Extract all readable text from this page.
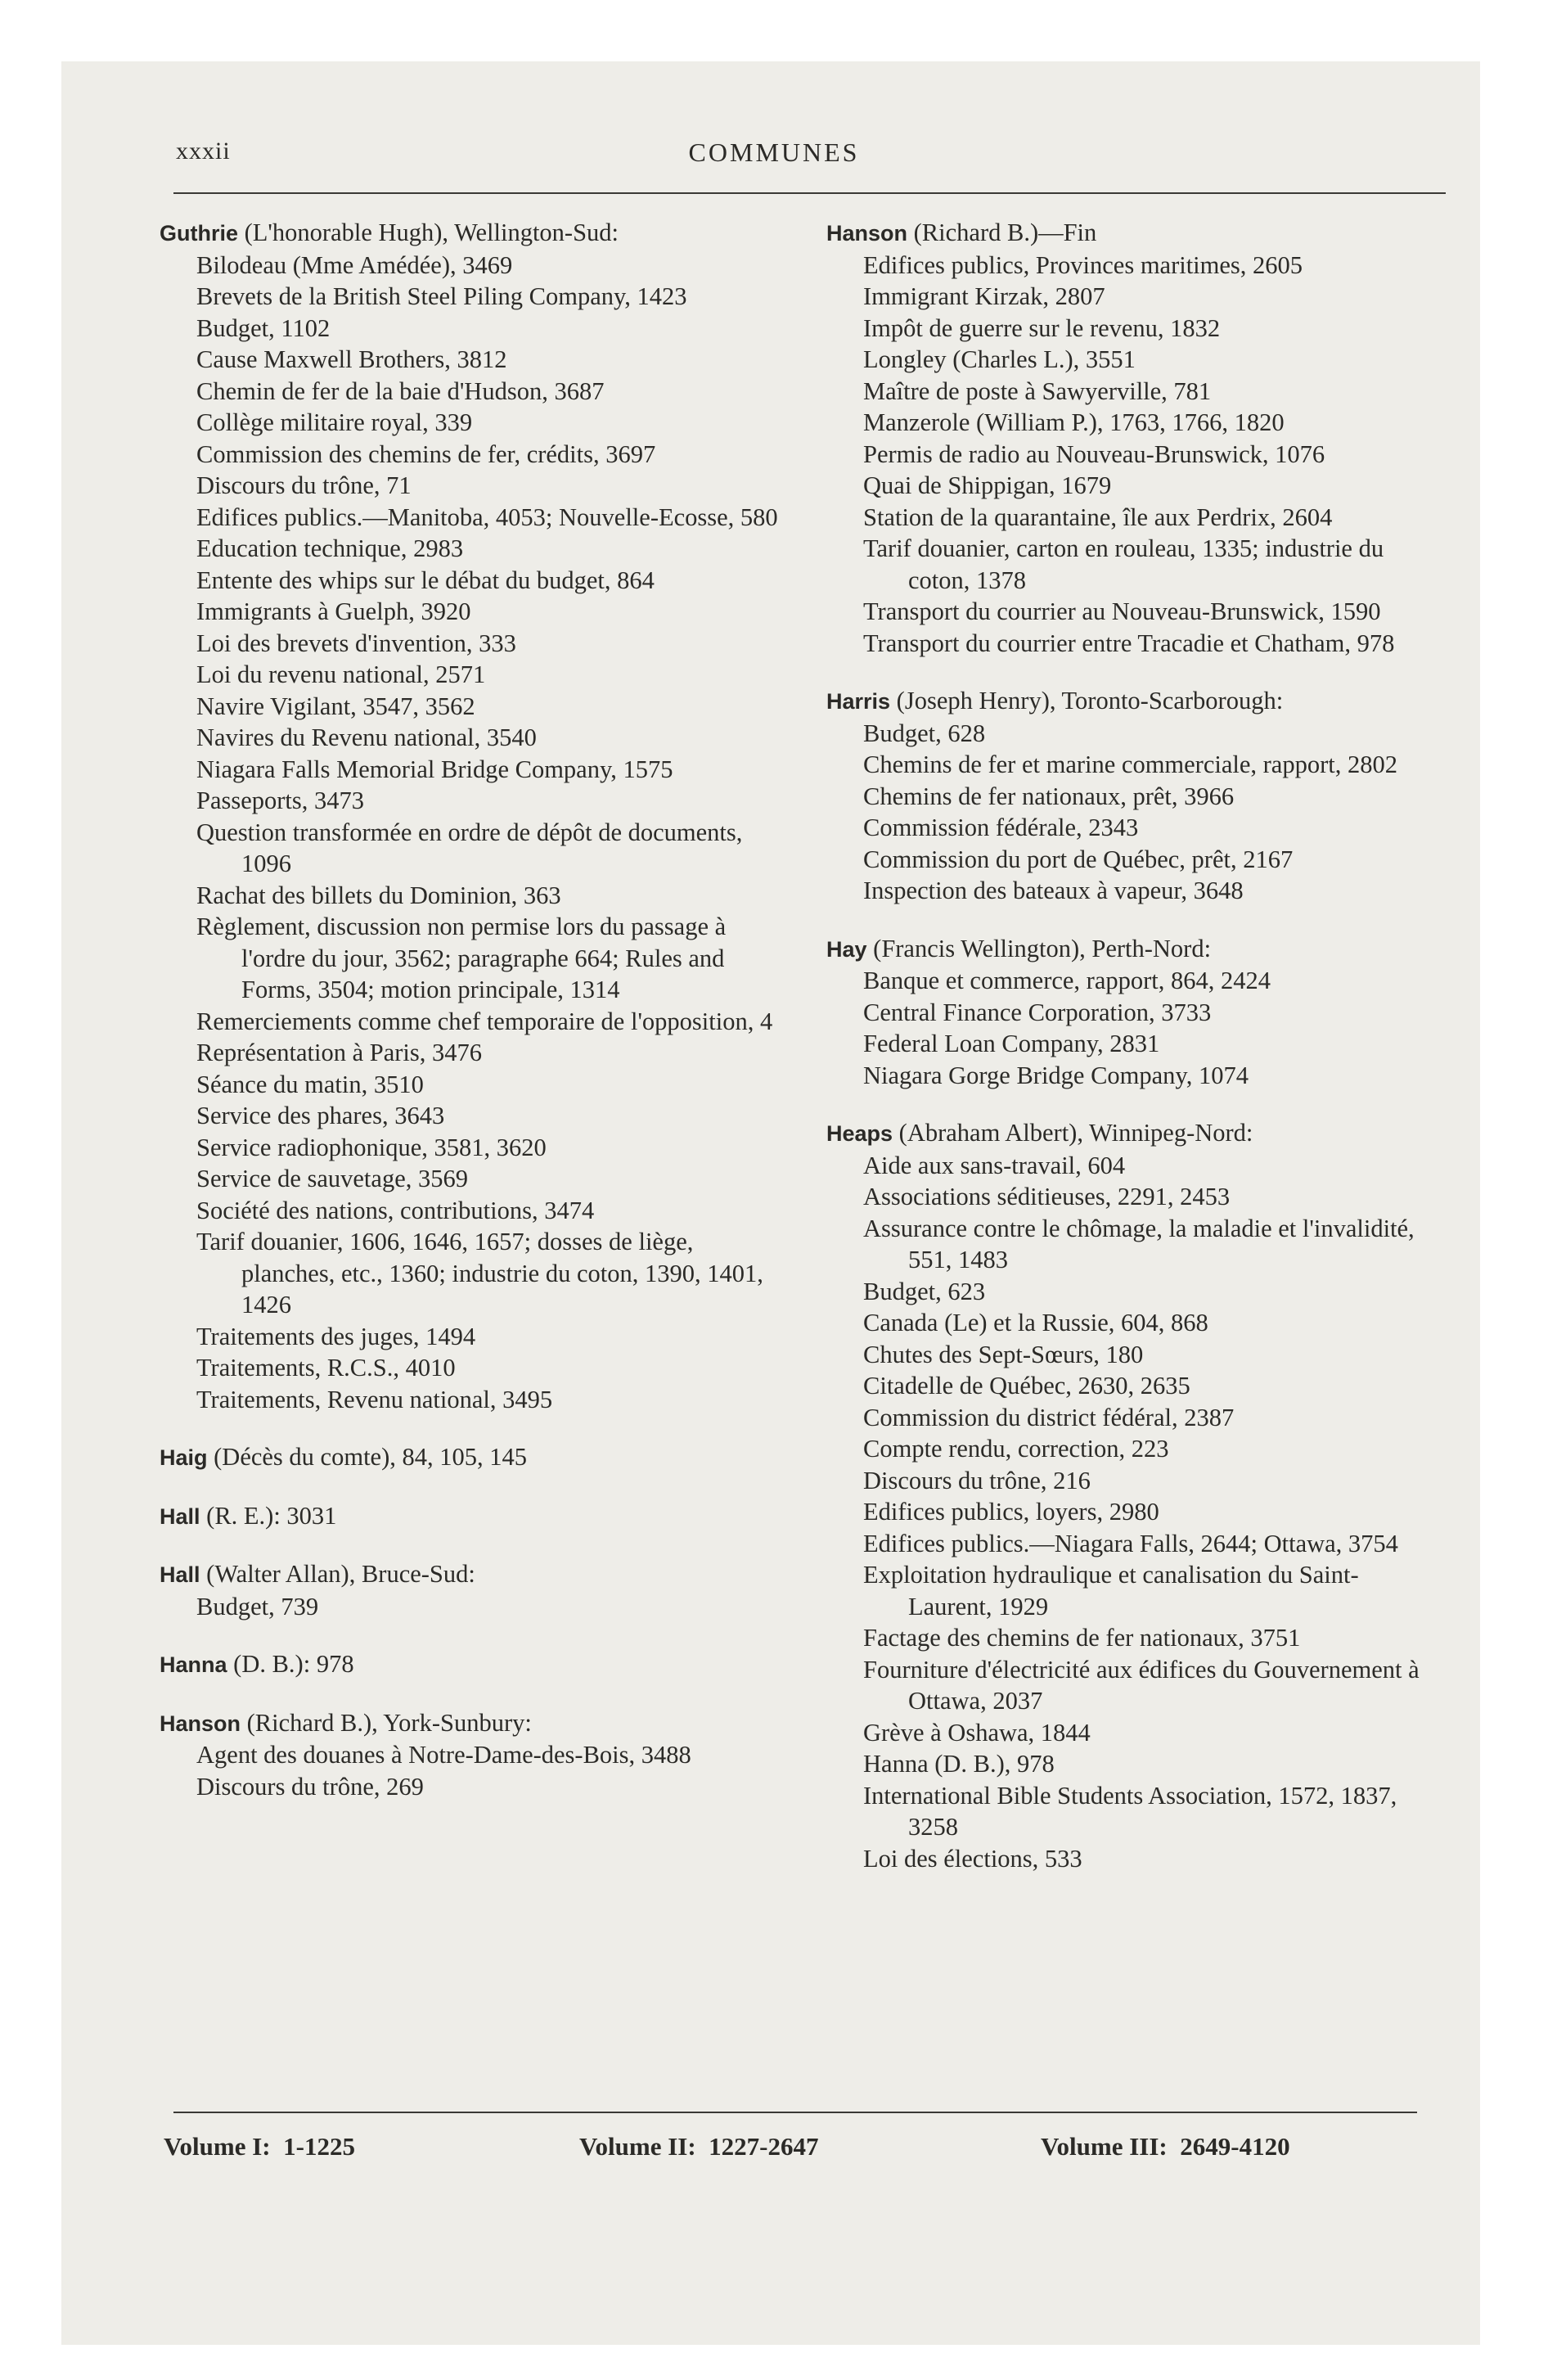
xxxii	COMMUNES
Guthrie (L'honorable Hugh), Wellington-Sud:
Bilodeau (Mme Amédée), 3469
Brevets de la British Steel Piling Company, 1423
Budget, 1102
Cause Maxwell Brothers, 3812
Chemin de fer de la baie d'Hudson, 3687
Collège militaire royal, 339
Commission des chemins de fer, crédits, 3697
Discours du trône, 71
Edifices publics.—Manitoba, 4053; Nouvelle-Ecosse, 580
Education technique, 2983
Entente des whips sur le débat du budget, 864
Immigrants à Guelph, 3920
Loi des brevets d'invention, 333
Loi du revenu national, 2571
Navire Vigilant, 3547, 3562
Navires du Revenu national, 3540
Niagara Falls Memorial Bridge Company, 1575
Passeports, 3473
Question transformée en ordre de dépôt de documents, 1096
Rachat des billets du Dominion, 363
Règlement, discussion non permise lors du passage à l'ordre du jour, 3562; paragraphe 664; Rules and Forms, 3504; motion principale, 1314
Remerciements comme chef temporaire de l'opposition, 4
Représentation à Paris, 3476
Séance du matin, 3510
Service des phares, 3643
Service radiophonique, 3581, 3620
Service de sauvetage, 3569
Société des nations, contributions, 3474
Tarif douanier, 1606, 1646, 1657; dosses de liège, planches, etc., 1360; industrie du coton, 1390, 1401, 1426
Traitements des juges, 1494
Traitements, R.C.S., 4010
Traitements, Revenu national, 3495
Haig (Décès du comte), 84, 105, 145
Hall (R. E.): 3031
Hall (Walter Allan), Bruce-Sud:
Budget, 739
Hanna (D. B.): 978
Hanson (Richard B.), York-Sunbury:
Agent des douanes à Notre-Dame-des-Bois, 3488
Discours du trône, 269
Hanson (Richard B.)—Fin
Edifices publics, Provinces maritimes, 2605
Immigrant Kirzak, 2807
Impôt de guerre sur le revenu, 1832
Longley (Charles L.), 3551
Maître de poste à Sawyerville, 781
Manzerole (William P.), 1763, 1766, 1820
Permis de radio au Nouveau-Brunswick, 1076
Quai de Shippigan, 1679
Station de la quarantaine, île aux Perdrix, 2604
Tarif douanier, carton en rouleau, 1335; industrie du coton, 1378
Transport du courrier au Nouveau-Brunswick, 1590
Transport du courrier entre Tracadie et Chatham, 978
Harris (Joseph Henry), Toronto-Scarborough:
Budget, 628
Chemins de fer et marine commerciale, rapport, 2802
Chemins de fer nationaux, prêt, 3966
Commission fédérale, 2343
Commission du port de Québec, prêt, 2167
Inspection des bateaux à vapeur, 3648
Hay (Francis Wellington), Perth-Nord:
Banque et commerce, rapport, 864, 2424
Central Finance Corporation, 3733
Federal Loan Company, 2831
Niagara Gorge Bridge Company, 1074
Heaps (Abraham Albert), Winnipeg-Nord:
Aide aux sans-travail, 604
Associations séditieuses, 2291, 2453
Assurance contre le chômage, la maladie et l'invalidité, 551, 1483
Budget, 623
Canada (Le) et la Russie, 604, 868
Chutes des Sept-Sœurs, 180
Citadelle de Québec, 2630, 2635
Commission du district fédéral, 2387
Compte rendu, correction, 223
Discours du trône, 216
Edifices publics, loyers, 2980
Edifices publics.—Niagara Falls, 2644; Ottawa, 3754
Exploitation hydraulique et canalisation du Saint-Laurent, 1929
Factage des chemins de fer nationaux, 3751
Fourniture d'électricité aux édifices du Gouvernement à Ottawa, 2037
Grève à Oshawa, 1844
Hanna (D. B.), 978
International Bible Students Association, 1572, 1837, 3258
Loi des élections, 533
Volume I:  1-1225	Volume II:  1227-2647	Volume III:  2649-4120
